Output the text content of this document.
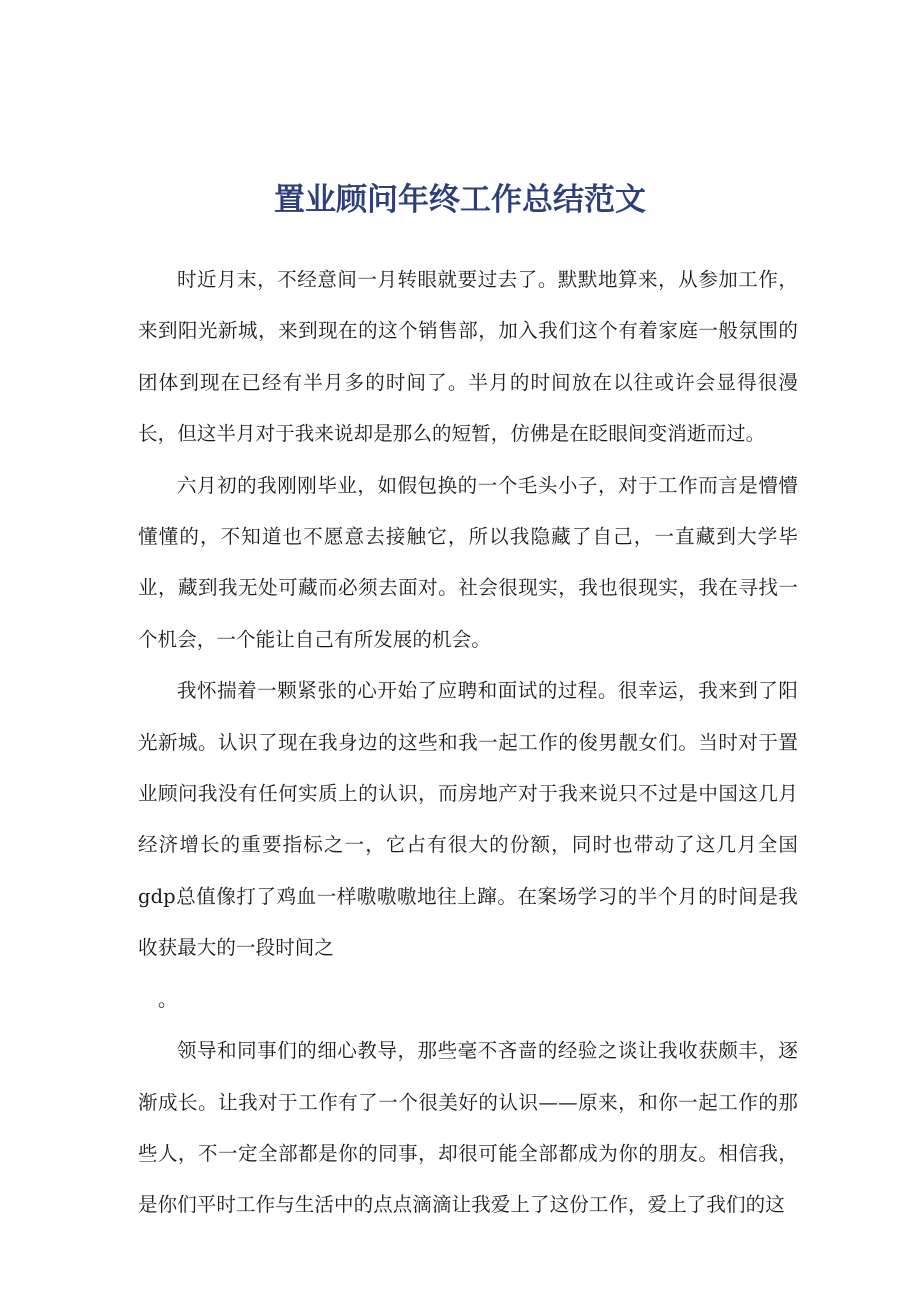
置业顾问年终工作总结范文

时近月末，不经意间一月转眼就要过去了。默默地算来，从参加工作，来到阳光新城，来到现在的这个销售部，加入我们这个有着家庭一般氛围的团体到现在已经有半月多的时间了。半月的时间放在以往或许会显得很漫长，但这半月对于我来说却是那么的短暂，仿佛是在眨眼间变消逝而过。

六月初的我刚刚毕业，如假包换的一个毛头小子，对于工作而言是懵懵懂懂的，不知道也不愿意去接触它，所以我隐藏了自己，一直藏到大学毕业，藏到我无处可藏而必须去面对。社会很现实，我也很现实，我在寻找一个机会，一个能让自己有所发展的机会。

我怀揣着一颗紧张的心开始了应聘和面试的过程。很幸运，我来到了阳光新城。认识了现在我身边的这些和我一起工作的俊男靓女们。当时对于置业顾问我没有任何实质上的认识，而房地产对于我来说只不过是中国这几月经济增长的重要指标之一，它占有很大的份额，同时也带动了这几月全国gdp总值像打了鸡血一样嗷嗷嗷地往上蹿。在案场学习的半个月的时间是我收获最大的一段时间之

。

领导和同事们的细心教导，那些毫不吝啬的经验之谈让我收获颇丰，逐渐成长。让我对于工作有了一个很美好的认识——原来，和你一起工作的那些人，不一定全部都是你的同事，却很可能全部都成为你的朋友。相信我，是你们平时工作与生活中的点点滴滴让我爱上了这份工作，爱上了我们的这
